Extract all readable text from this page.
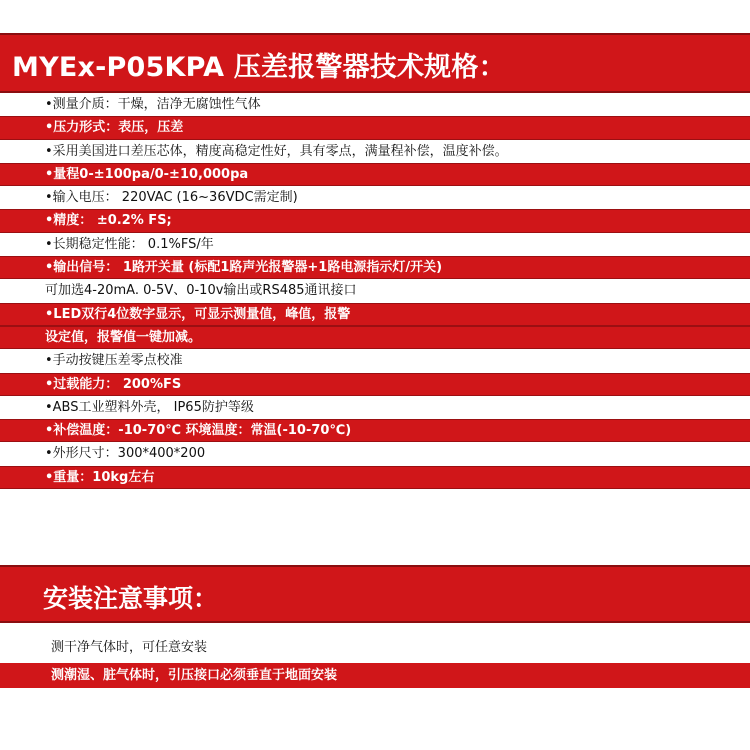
MYEx-P05KPA 压差报警器技术规格：
•测量介质：干燥，洁净无腐蚀性气体
•压力形式：表压，压差
•采用美国进口差压芯体，精度高稳定性好，具有零点，满量程补偿，温度补偿。
•量程0-±100pa/0-±10,000pa
•输入电压： 220VAC (16~36VDC需定制)
•精度： ±0.2% FS;
•长期稳定性能： 0.1%FS/年
•输出信号： 1路开关量 (标配1路声光报警器+1路电源指示灯/开关)
可加选4-20mA. 0-5V、0-10v输出或RS485通讯接口
•LED双行4位数字显示，可显示测量值，峰值，报警
设定值，报警值一键加减。
•手动按键压差零点校准
•过载能力： 200%FS
•ABS工业塑料外壳， IP65防护等级
•补偿温度：-10-70℃ 环境温度：常温(-10-70℃)
•外形尺寸：300*400*200
•重量：10kg左右
安装注意事项：
测干净气体时，可任意安装
测潮湿、脏气体时，引压接口必须垂直于地面安装
